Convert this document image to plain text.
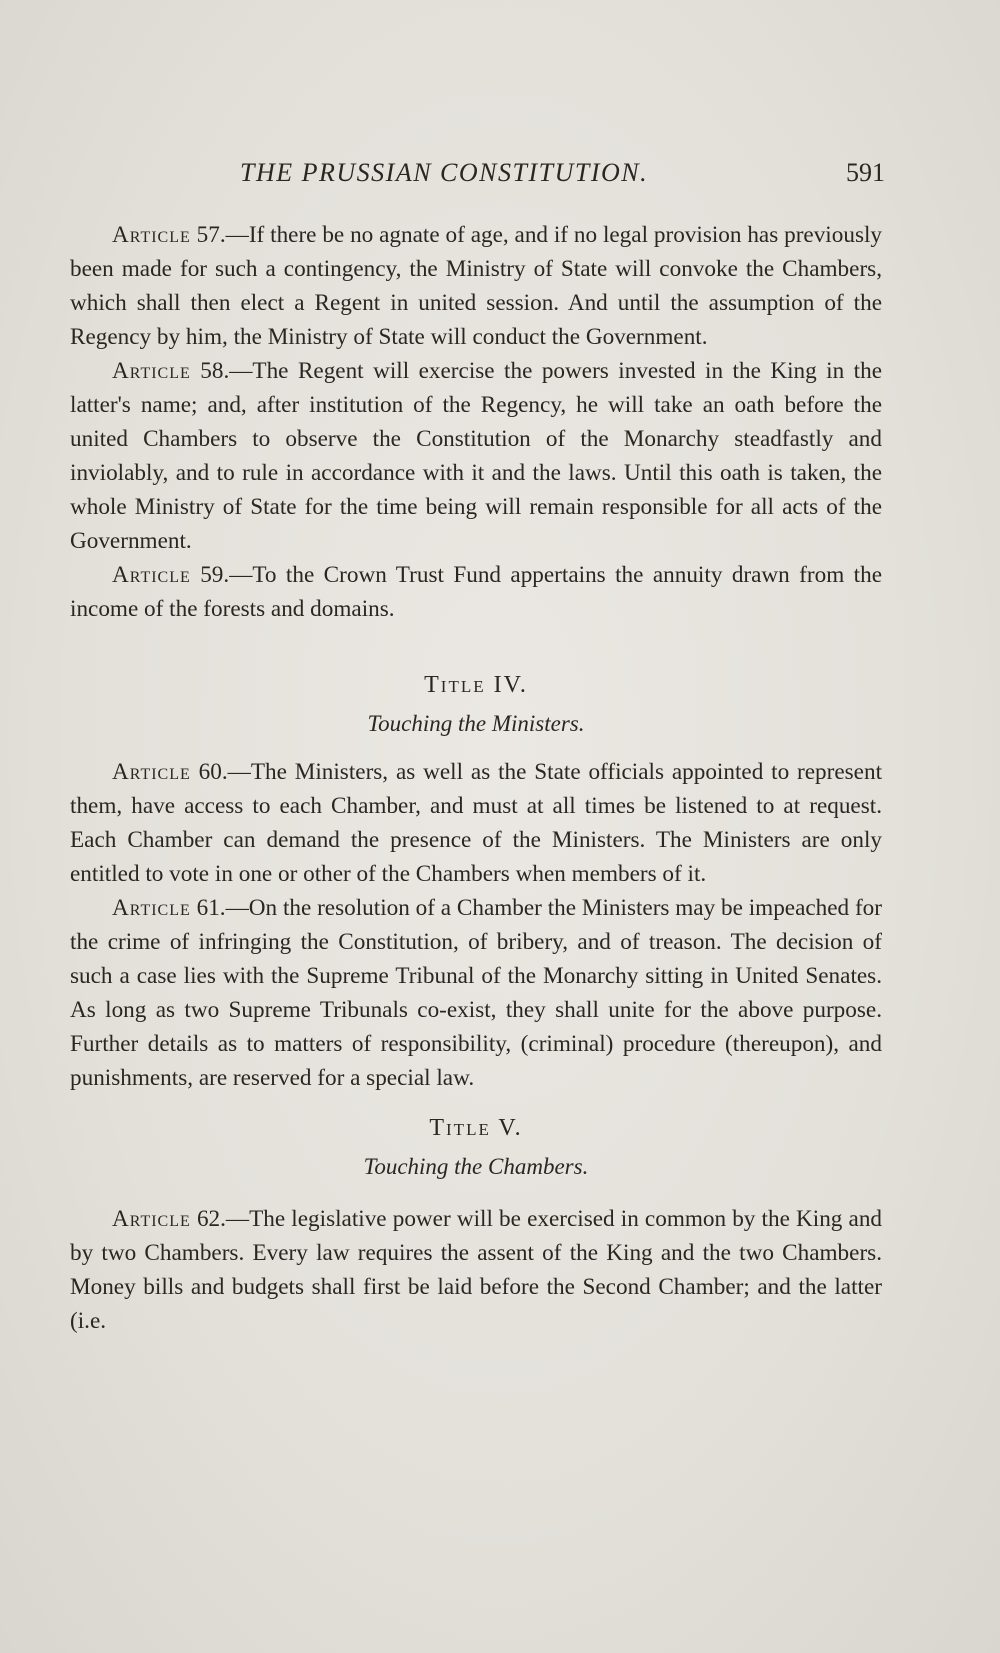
THE PRUSSIAN CONSTITUTION.	591

Article 57.—If there be no agnate of age, and if no legal provision has previously been made for such a contingency, the Ministry of State will convoke the Chambers, which shall then elect a Regent in united session. And until the assumption of the Regency by him, the Ministry of State will conduct the Government.

Article 58.—The Regent will exercise the powers invested in the King in the latter's name; and, after institution of the Regency, he will take an oath before the united Chambers to observe the Constitution of the Monarchy steadfastly and inviolably, and to rule in accordance with it and the laws. Until this oath is taken, the whole Ministry of State for the time being will remain responsible for all acts of the Government.

Article 59.—To the Crown Trust Fund appertains the annuity drawn from the income of the forests and domains.

Title IV.

Touching the Ministers.

Article 60.—The Ministers, as well as the State officials appointed to represent them, have access to each Chamber, and must at all times be listened to at request. Each Chamber can demand the presence of the Ministers. The Ministers are only entitled to vote in one or other of the Chambers when members of it.

Article 61.—On the resolution of a Chamber the Ministers may be impeached for the crime of infringing the Constitution, of bribery, and of treason. The decision of such a case lies with the Supreme Tribunal of the Monarchy sitting in United Senates. As long as two Supreme Tribunals co-exist, they shall unite for the above purpose. Further details as to matters of responsibility, (criminal) procedure (thereupon), and punishments, are reserved for a special law.

Title V.

Touching the Chambers.

Article 62.—The legislative power will be exercised in common by the King and by two Chambers. Every law requires the assent of the King and the two Chambers. Money bills and budgets shall first be laid before the Second Chamber; and the latter (i.e.
